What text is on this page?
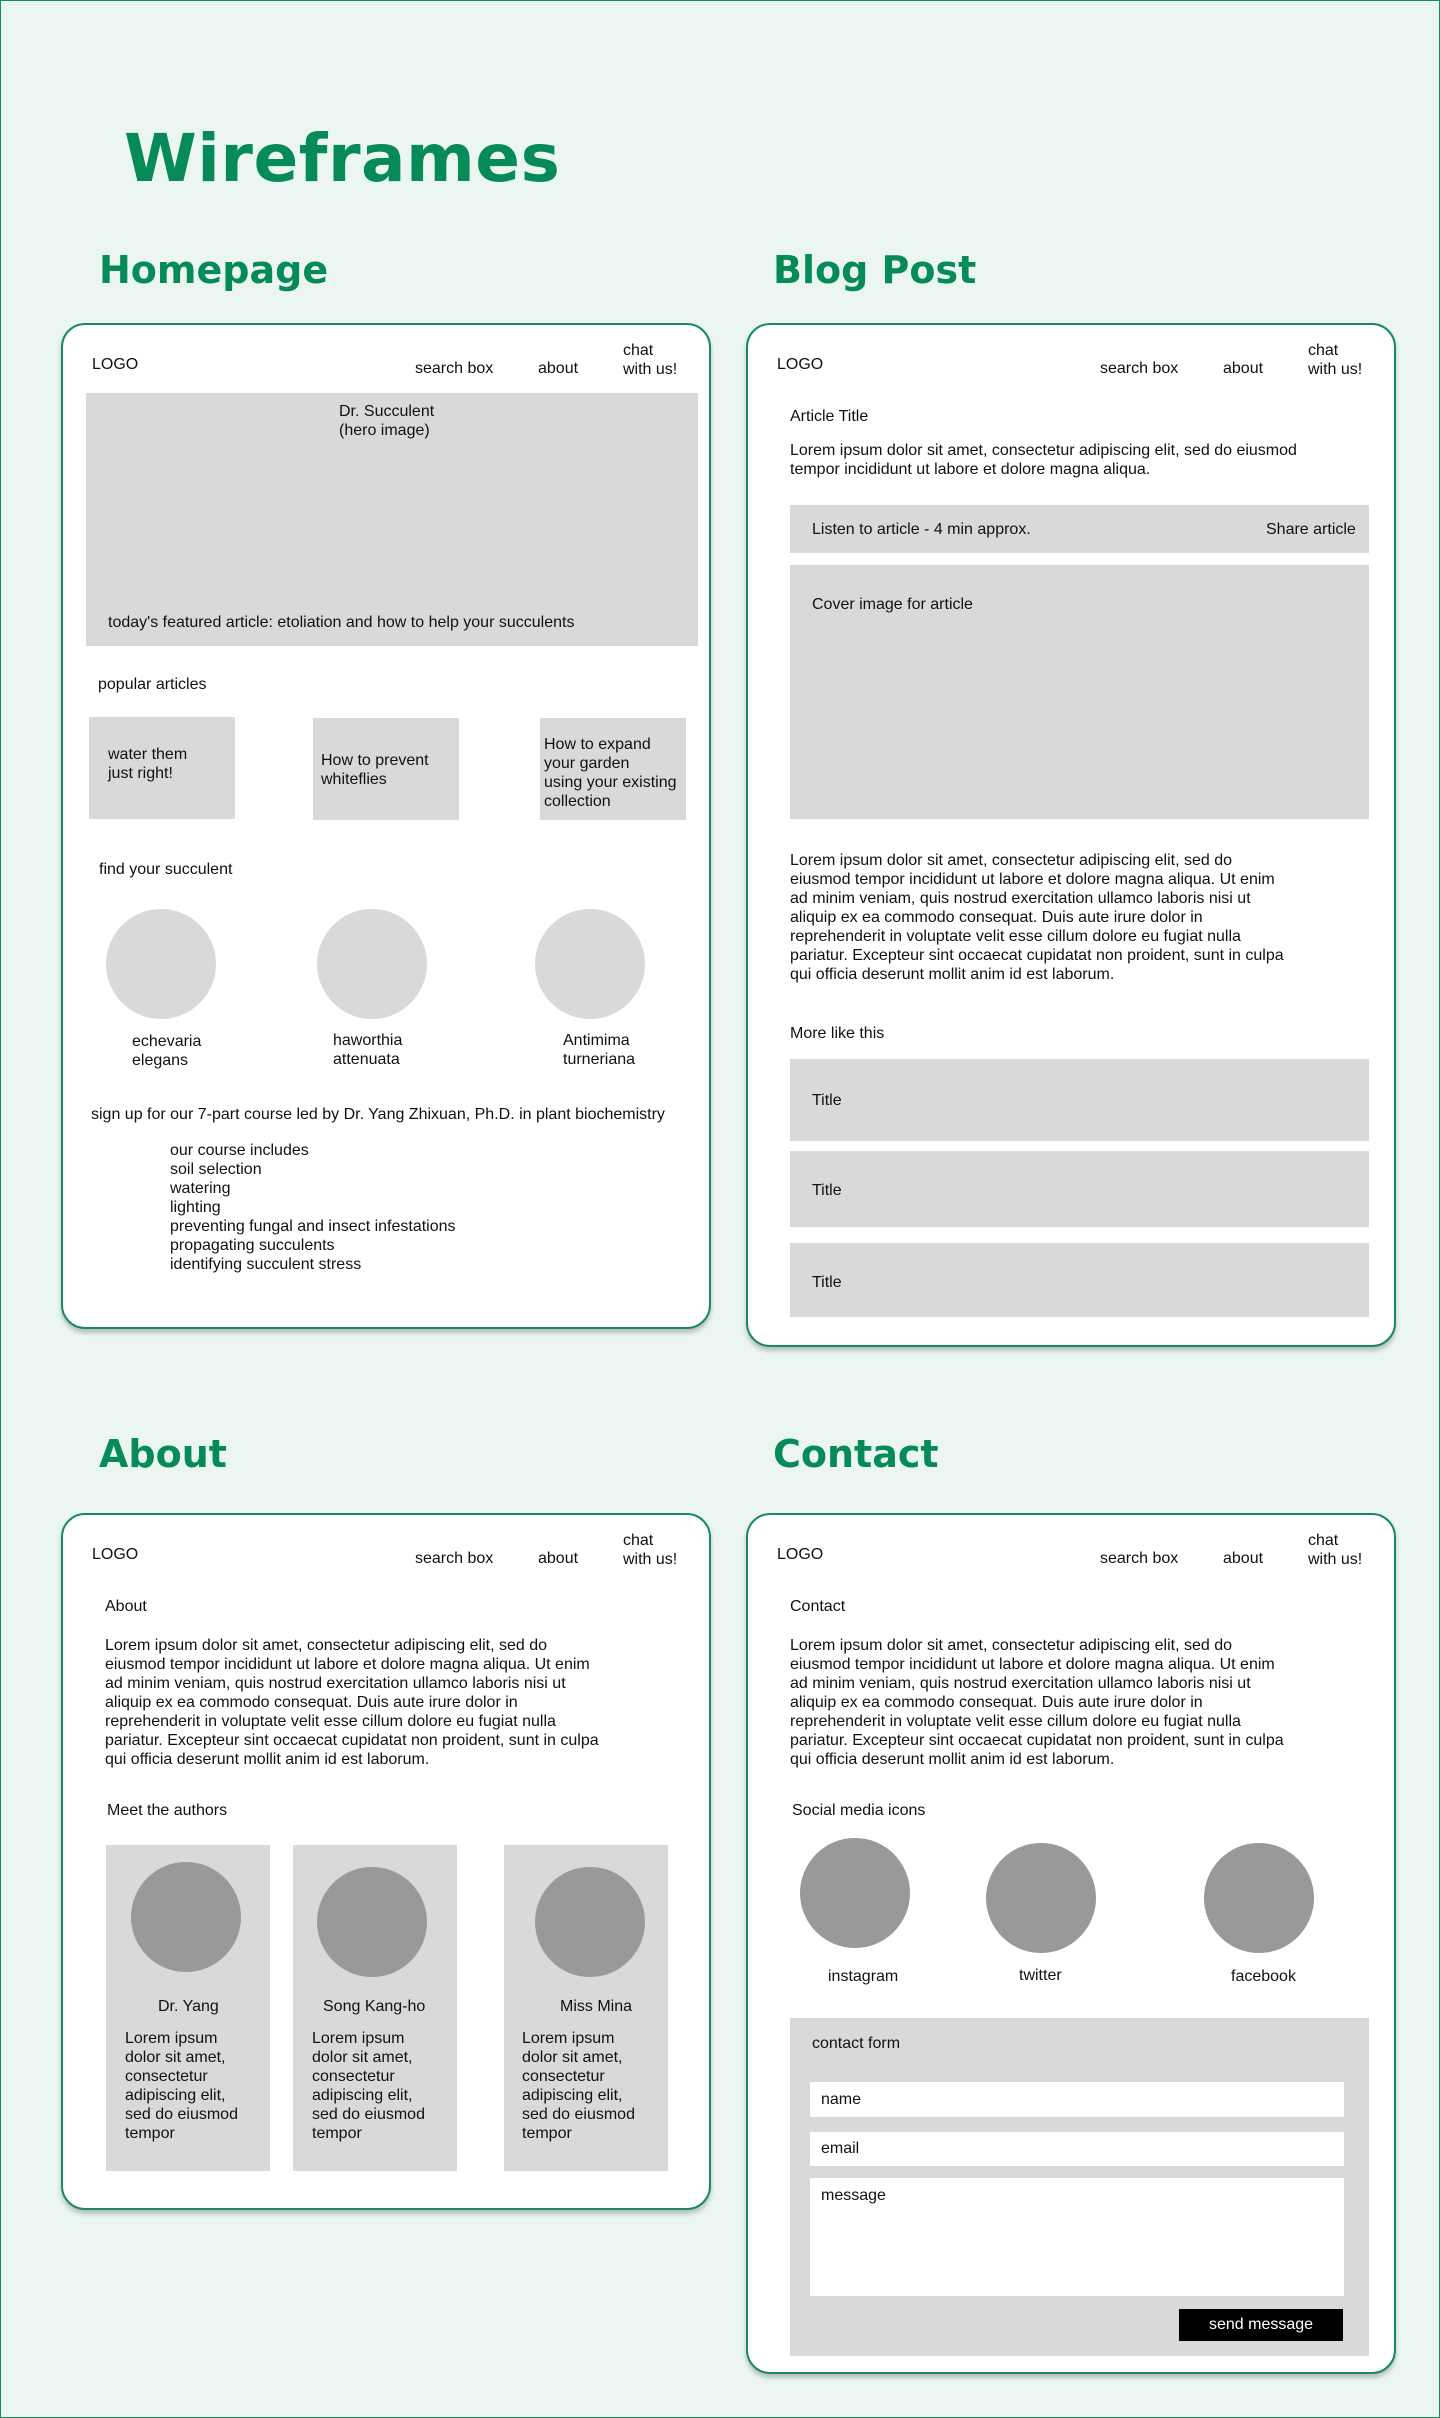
Wireframes
Homepage	Blog Post
About	Contact
LOGO	search box	about
chat
with us!
Dr. Succulent
(hero image)
today's featured article: etoliation and how to help your succulents
popular articles
water them
just right!
How to prevent
whiteflies
How to expand
your garden
using your existing
collection
find your succulent
echevaria
elegans
haworthia
attenuata
Antimima
turneriana
sign up for our 7-part course led by Dr. Yang Zhixuan, Ph.D. in plant biochemistry
our course includes
soil selection
watering
lighting
preventing fungal and insect infestations
propagating succulents
identifying succulent stress
LOGO	search box	about
chat
with us!
Article Title
Lorem ipsum dolor sit amet, consectetur adipiscing elit, sed do eiusmod
tempor incididunt ut labore et dolore magna aliqua.
Listen to article - 4 min approx.	Share article
Cover image for article
Lorem ipsum dolor sit amet, consectetur adipiscing elit, sed do
eiusmod tempor incididunt ut labore et dolore magna aliqua. Ut enim
ad minim veniam, quis nostrud exercitation ullamco laboris nisi ut
aliquip ex ea commodo consequat. Duis aute irure dolor in
reprehenderit in voluptate velit esse cillum dolore eu fugiat nulla
pariatur. Excepteur sint occaecat cupidatat non proident, sunt in culpa
qui officia deserunt mollit anim id est laborum.
More like this
Title
Title
Title
LOGO	search box	about
chat
with us!
About
Lorem ipsum dolor sit amet, consectetur adipiscing elit, sed do
eiusmod tempor incididunt ut labore et dolore magna aliqua. Ut enim
ad minim veniam, quis nostrud exercitation ullamco laboris nisi ut
aliquip ex ea commodo consequat. Duis aute irure dolor in
reprehenderit in voluptate velit esse cillum dolore eu fugiat nulla
pariatur. Excepteur sint occaecat cupidatat non proident, sunt in culpa
qui officia deserunt mollit anim id est laborum.
Meet the authors
Dr. Yang
Lorem ipsum
dolor sit amet,
consectetur
adipiscing elit,
sed do eiusmod
tempor
Song Kang-ho
Lorem ipsum
dolor sit amet,
consectetur
adipiscing elit,
sed do eiusmod
tempor
Miss Mina
Lorem ipsum
dolor sit amet,
consectetur
adipiscing elit,
sed do eiusmod
tempor
LOGO	search box	about
chat
with us!
Contact
Lorem ipsum dolor sit amet, consectetur adipiscing elit, sed do
eiusmod tempor incididunt ut labore et dolore magna aliqua. Ut enim
ad minim veniam, quis nostrud exercitation ullamco laboris nisi ut
aliquip ex ea commodo consequat. Duis aute irure dolor in
reprehenderit in voluptate velit esse cillum dolore eu fugiat nulla
pariatur. Excepteur sint occaecat cupidatat non proident, sunt in culpa
qui officia deserunt mollit anim id est laborum.
Social media icons
instagram	twitter	facebook
contact form
name
email
message
send message
